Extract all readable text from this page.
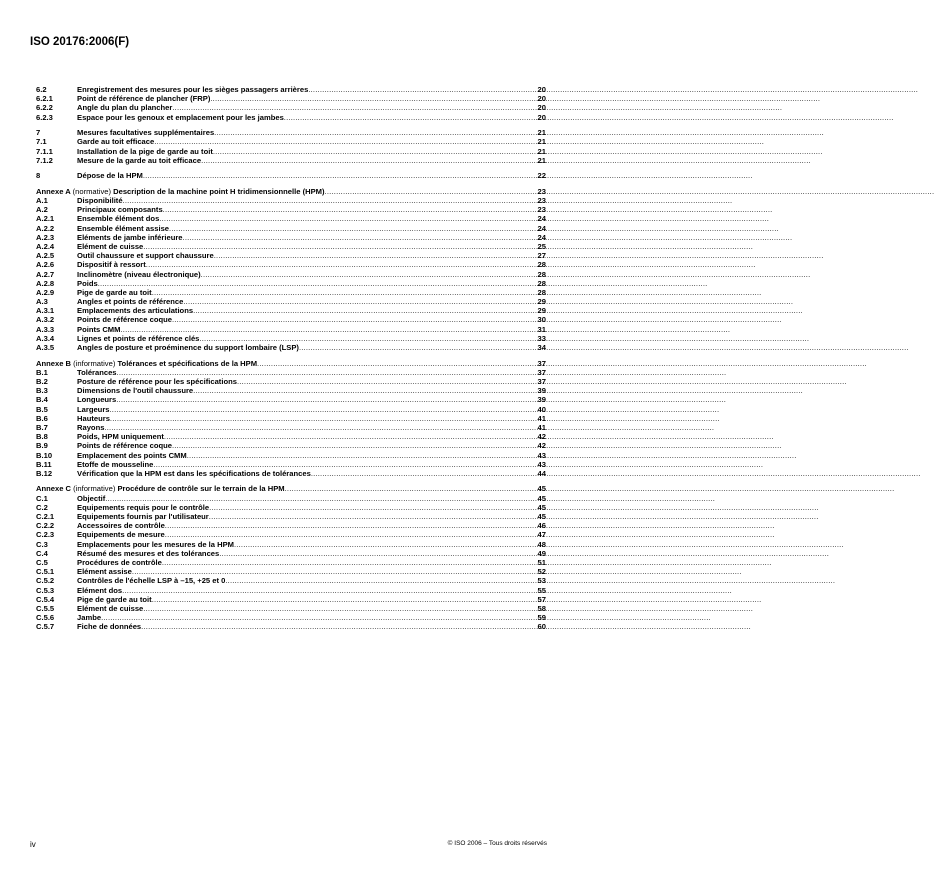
ISO 20176:2006(F)
6.2	Enregistrement des mesures pour les sièges passagers arrières .....	20
6.2.1	Point de référence de plancher (FRP) .....	20
6.2.2	Angle du plan du plancher .....	20
6.2.3	Espace pour les genoux et emplacement pour les jambes .....	20
7	Mesures facultatives supplémentaires .....	21
7.1	Garde au toit efficace .....	21
7.1.1	Installation de la pige de garde au toit .....	21
7.1.2	Mesure de la garde au toit efficace .....	21
8	Dépose de la HPM .....	22
Annexe A (normative) Description de la machine point H tridimensionnelle (HPM) .....	23
A.1	Disponibilité .....	23
A.2	Principaux composants .....	23
A.2.1	Ensemble élément dos .....	24
A.2.2	Ensemble élément assise .....	24
A.2.3	Eléments de jambe inférieure .....	24
A.2.4	Elément de cuisse .....	25
A.2.5	Outil chaussure et support chaussure .....	27
A.2.6	Dispositif à ressort .....	28
A.2.7	Inclinomètre (niveau électronique) .....	28
A.2.8	Poids .....	28
A.2.9	Pige de garde au toit .....	28
A.3	Angles et points de référence .....	29
A.3.1	Emplacements des articulations .....	29
A.3.2	Points de référence coque .....	30
A.3.3	Points CMM .....	31
A.3.4	Lignes et points de référence clés .....	33
A.3.5	Angles de posture et proéminence du support lombaire (LSP) .....	34
Annexe B (informative) Tolérances et spécifications de la HPM .....	37
B.1	Tolérances .....	37
B.2	Posture de référence pour les spécifications .....	37
B.3	Dimensions de l'outil chaussure .....	39
B.4	Longueurs .....	39
B.5	Largeurs .....	40
B.6	Hauteurs .....	41
B.7	Rayons .....	41
B.8	Poids, HPM uniquement .....	42
B.9	Points de référence coque .....	42
B.10	Emplacement des points CMM .....	43
B.11	Etoffe de mousseline .....	43
B.12	Vérification que la HPM est dans les spécifications de tolérances .....	44
Annexe C (informative) Procédure de contrôle sur le terrain de la HPM .....	45
C.1	Objectif .....	45
C.2	Equipements requis pour le contrôle .....	45
C.2.1	Equipements fournis par l'utilisateur .....	45
C.2.2	Accessoires de contrôle .....	46
C.2.3	Equipements de mesure .....	47
C.3	Emplacements pour les mesures de la HPM .....	48
C.4	Résumé des mesures et des tolérances .....	49
C.5	Procédures de contrôle .....	51
C.5.1	Elément assise .....	52
C.5.2	Contrôles de l'échelle LSP à –15, +25 et 0 .....	53
C.5.3	Elément dos .....	55
C.5.4	Pige de garde au toit .....	57
C.5.5	Elément de cuisse .....	58
C.5.6	Jambe .....	59
C.5.7	Fiche de données .....	60
iv	© ISO 2006 – Tous droits réservés
